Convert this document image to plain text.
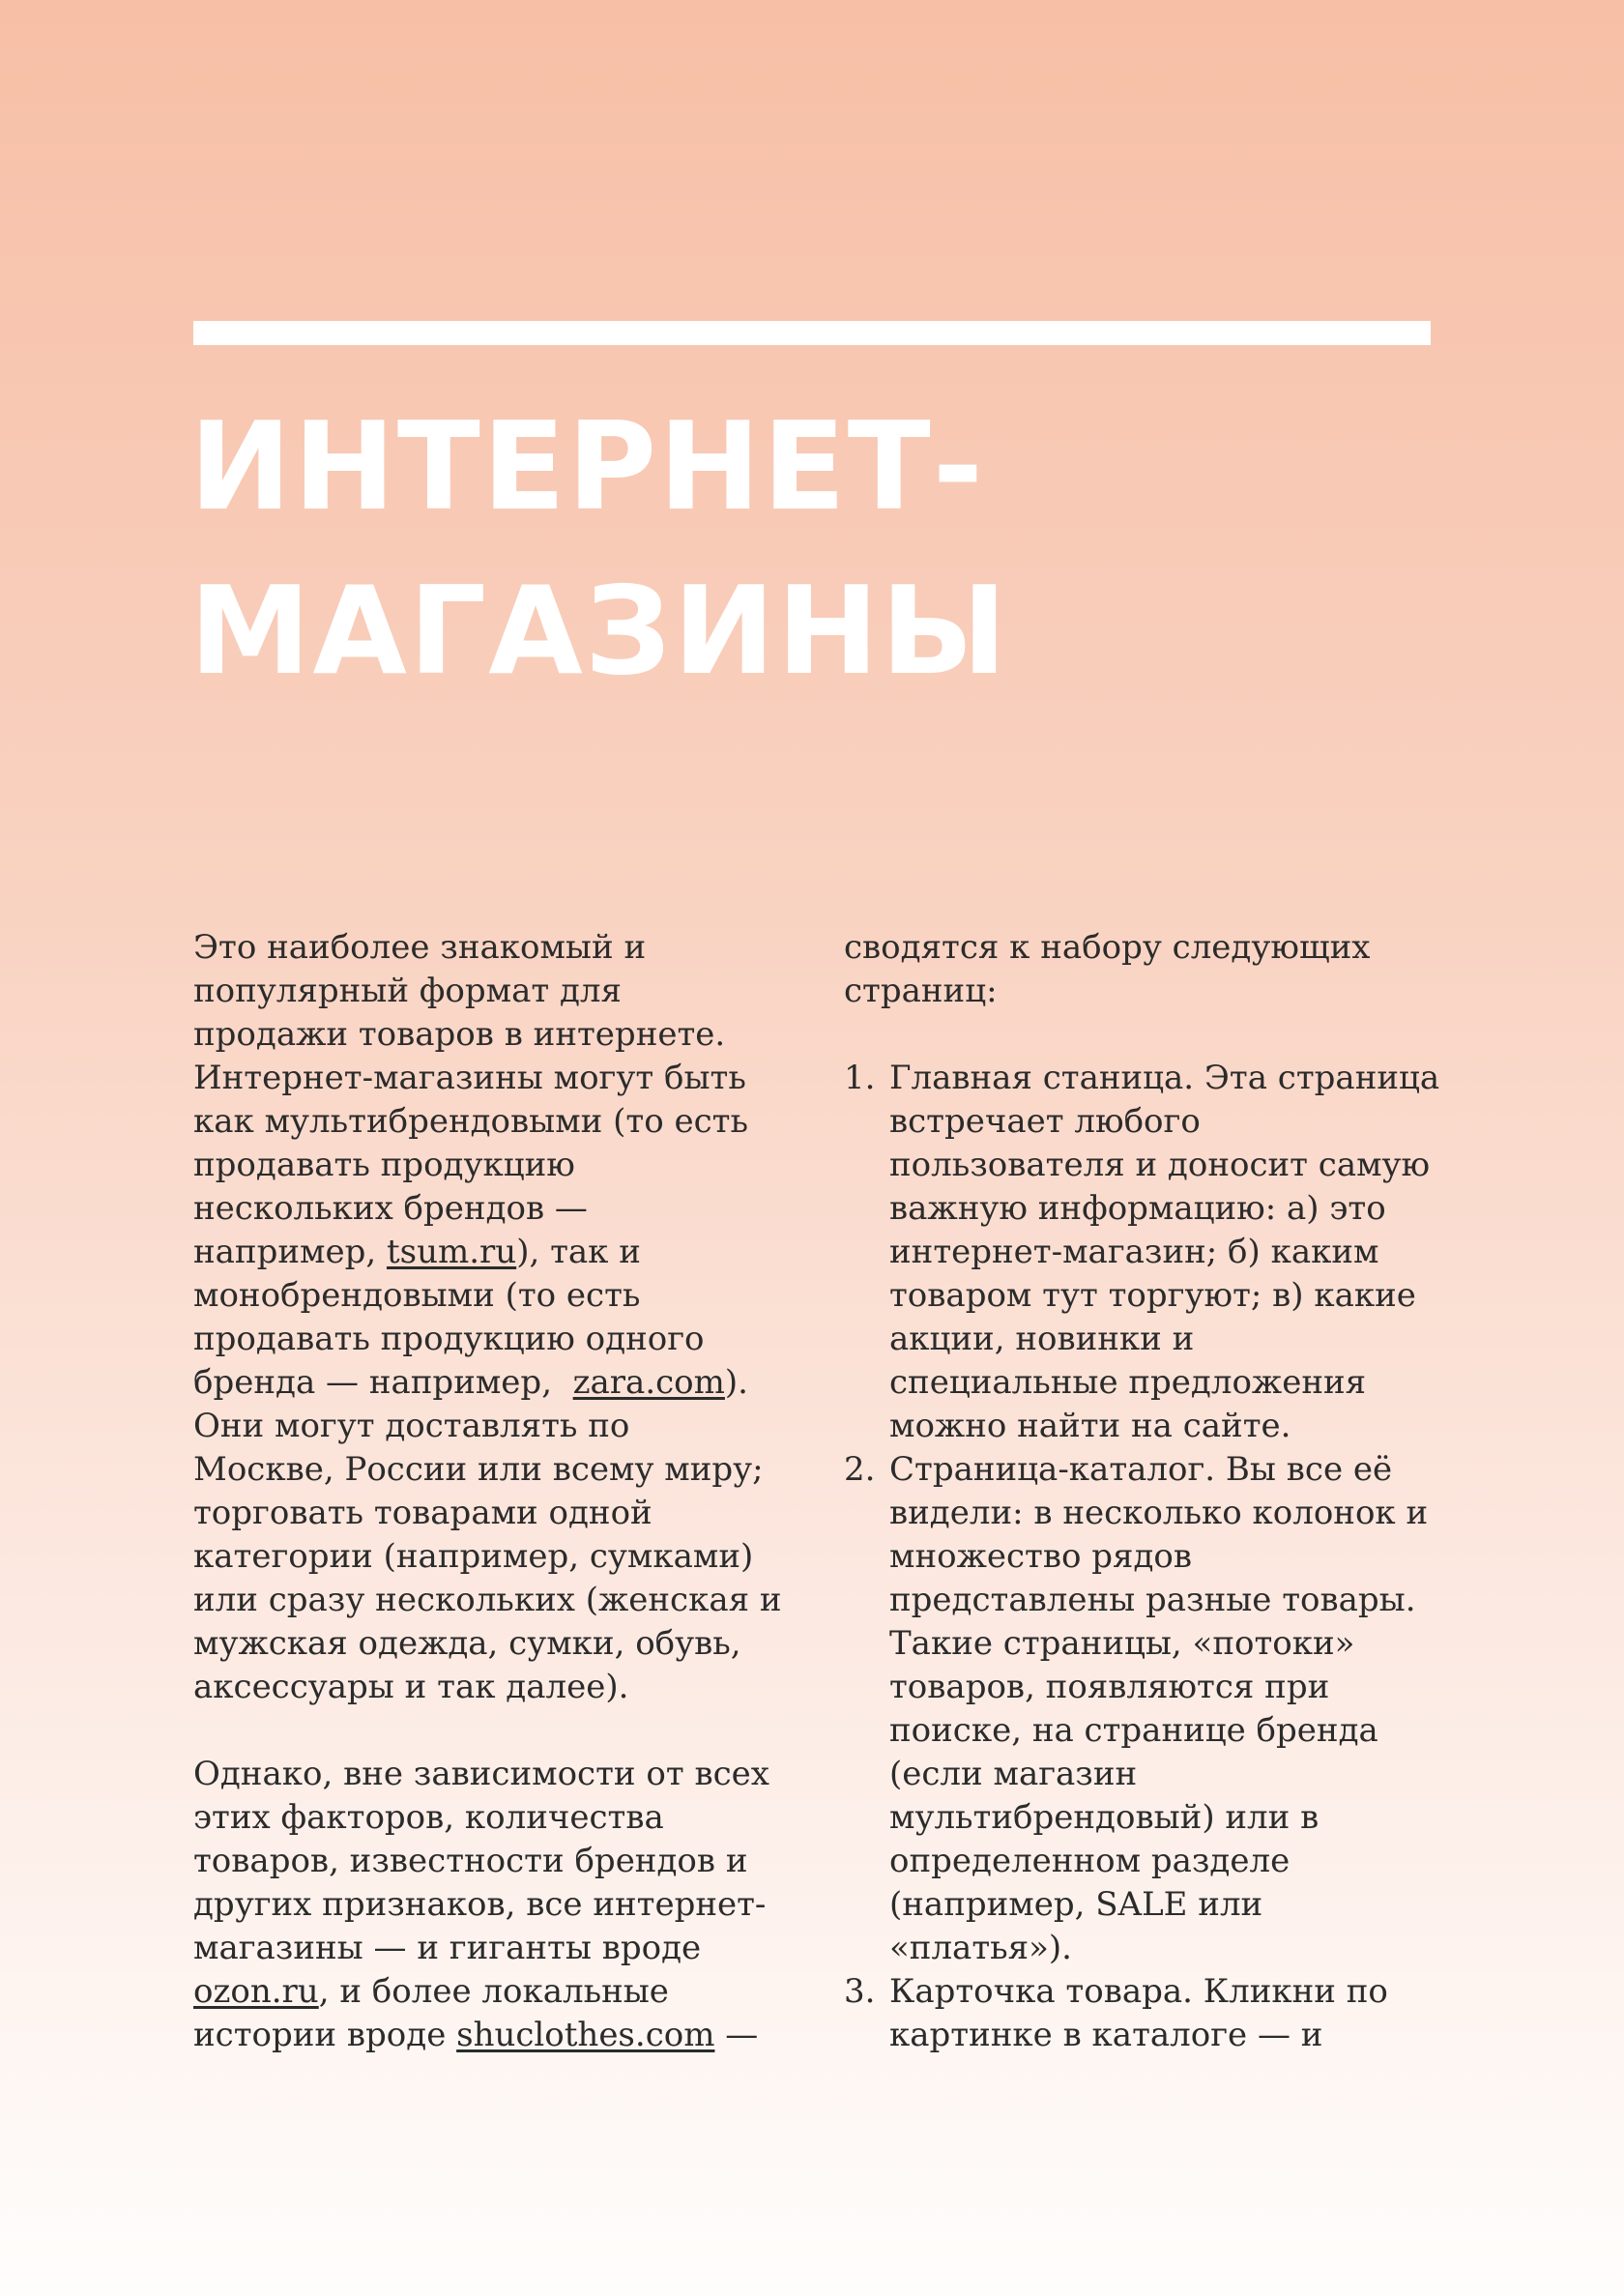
ИНТЕРНЕТ-
МАГАЗИНЫ

Это наиболее знакомый и
популярный формат для
продажи товаров в интернете.
Интернет-магазины могут быть
как мультибрендовыми (то есть
продавать продукцию
нескольких брендов —
например, tsum.ru), так и
монобрендовыми (то есть
продавать продукцию одного
бренда — например,  zara.com).
Они могут доставлять по
Москве, России или всему миру;
торговать товарами одной
категории (например, сумками)
или сразу нескольких (женская и
мужская одежда, сумки, обувь,
аксессуары и так далее).

Однако, вне зависимости от всех
этих факторов, количества
товаров, известности брендов и
других признаков, все интернет-
магазины — и гиганты вроде
ozon.ru, и более локальные
истории вроде shuclothes.com —

сводятся к набору следующих
страниц:

1. Главная станица. Эта страница
встречает любого
пользователя и доносит самую
важную информацию: а) это
интернет-магазин; б) каким
товаром тут торгуют; в) какие
акции, новинки и
специальные предложения
можно найти на сайте.
2. Страница-каталог. Вы все её
видели: в несколько колонок и
множество рядов
представлены разные товары.
Такие страницы, «потоки»
товаров, появляются при
поиске, на странице бренда
(если магазин
мультибрендовый) или в
определенном разделе
(например, SALE или
«платья»).
3. Карточка товара. Кликни по
картинке в каталоге — и
